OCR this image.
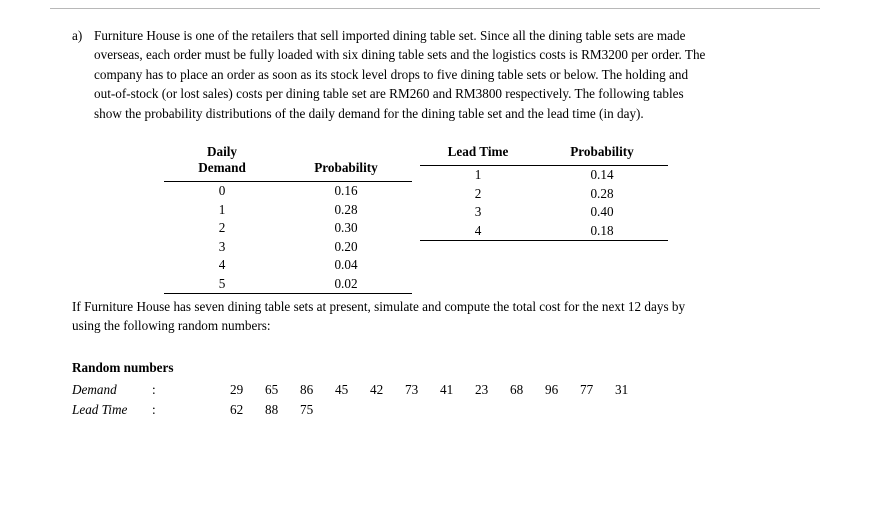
a) Furniture House is one of the retailers that sell imported dining table set. Since all the dining table sets are made overseas, each order must be fully loaded with six dining table sets and the logistics costs is RM3200 per order. The company has to place an order as soon as its stock level drops to five dining table sets or below. The holding and out-of-stock (or lost sales) costs per dining table set are RM260 and RM3800 respectively. The following tables show the probability distributions of the daily demand for the dining table set and the lead time (in day).
Daily
Demand	Probability

0	0.16
1	0.28
2	0.30
3	0.20
4	0.04
5	0.02
Lead Time	Probability

1	0.14
2	0.28
3	0.40
4	0.18
If Furniture House has seven dining table sets at present, simulate and compute the total cost for the next 12 days by using the following random numbers:
Random numbers
Demand	:	29 65 86 45 42 73 41 23 68 96 77 31
Lead Time	:	62 88 75
